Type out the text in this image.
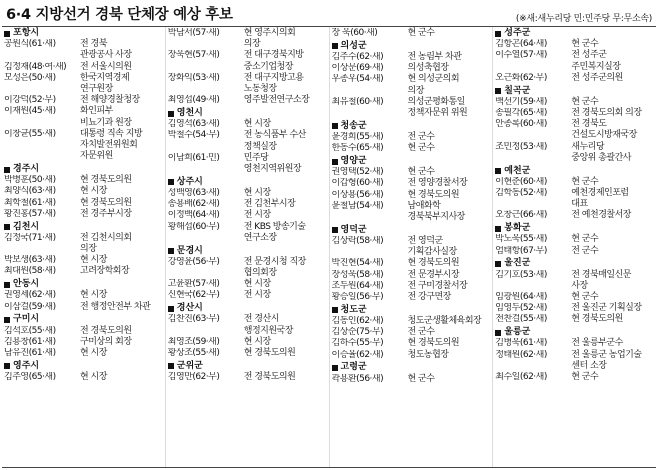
6·4 지방선거 경북 단체장 예상 후보	(※새:새누리당 민:민주당 무:무소속)
포항시
공원식(61·새)	전 경북
관광공사 사장
김정재(48·여·새)	전 서울시의원
모성은(50·새)	한국지역경제
연구원장
이강덕(52·무)	전 해양경찰청장
이재원(45·새)	화인피부
비뇨기과 원장
이창균(55·새)	대통령 직속 지방
자치발전위원회
자문위원
경주시
박병훈(50·새)	현 경북도의원
최양식(63·새)	현 시장
최학철(61·새)	현 경북도의원
황진홍(57·새)	전 경주부시장
김천시
김정국(71·새)	전 김천시의회
의장
박보생(63·새)	현 시장
최대원(58·새)	고려장학회장
안동시
권영세(62·새)	현 시장
이삼걸(59·새)	전 행정안전부 차관
구미시
김석호(55·새)	전 경북도의원
김용창(61·새)	구미상의 회장
남유진(61·새)	현 시장
영주시
김주영(65·새)	현 시장
박남서(57·새)	현 영주시의회
의장
장욱현(57·새)	전 대구경북지방
중소기업청장
장화익(53·새)	전 대구지방고용
노동청장
최영섭(49·새)	영주발전연구소장
영천시
김영석(63·새)	현 시장
박철수(54·무)	전 농식품부 수산
정책실장
이남희(61·민)	민주당
영천지역위원장
상주시
성백영(63·새)	현 시장
송용배(62·새)	전 김천부시장
이정백(64·새)	전 시장
황해섭(60·무)	전 KBS 방송기술
연구소장
문경시
강영윤(56·무)	전 문경시청 직장
협의회장
고윤환(57·새)	현 시장
신현국(62·무)	전 시장
경산시
김찬진(63·무)	전 경산시
행정지원국장
최영조(59·새)	현 시장
황상조(55·새)	현 경북도의원
군위군
김영만(62·무)	전 경북도의원
장 욱(60·새)	현 군수
의성군
김주수(62·새)	전 농림부 차관
이상문(69·새)	의성축협장
우종우(54·새)	현 의성군의회
의장
최유철(60·새)	의성군평화통일
정책자문위 위원
청송군
윤경희(55·새)	전 군수
한동수(65·새)	현 군수
영양군
권영택(52·새)	현 군수
이갑형(60·새)	전 영양경찰서장
이상용(56·새)	현 경북도의원
윤철남(54·새)	남애화학
경북북부지사장
영덕군
김상락(58·새)	전 영덕군
기획감사실장
박진현(54·새)	현 경북도의원
장성욱(58·새)	전 문경부시장
조두원(64·새)	전 구미경찰서장
황승일(56·무)	전 강구면장
청도군
김동인(62·새)	청도군생활체육회장
김상순(75·무)	전 군수
김하수(55·무)	현 경북도의원
이승율(62·새)	청도농협장
고령군
곽용환(56·새)	현 군수
성주군
김항곤(64·새)	현 군수
이수열(57·새)	전 성주군
주민복지실장
오근화(62·무)	전 성주군의원
칠곡군
백선기(59·새)	현 군수
송필각(65·새)	전 경북도의회 의장
안종록(60·새)	전 경북도
건설도시방재국장
조민정(53·새)	새누리당
중앙위 총괄간사
예천군
이현준(60·새)	현 군수
김학동(52·새)	예천경제인포럼
대표
오창근(66·새)	전 예천경찰서장
봉화군
박노욱(55·새)	현 군수
엄태항(67·무)	전 군수
울진군
김기호(53·새)	전 경북매일신문
사장
임광원(64·새)	현 군수
임영두(52·새)	전 울진군 기획실장
전찬걸(55·새)	현 경북도의원
울릉군
김병욱(61·새)	전 울릉부군수
정태원(62·새)	전 울릉군 농업기술
센터 소장
최수일(62·새)	현 군수
